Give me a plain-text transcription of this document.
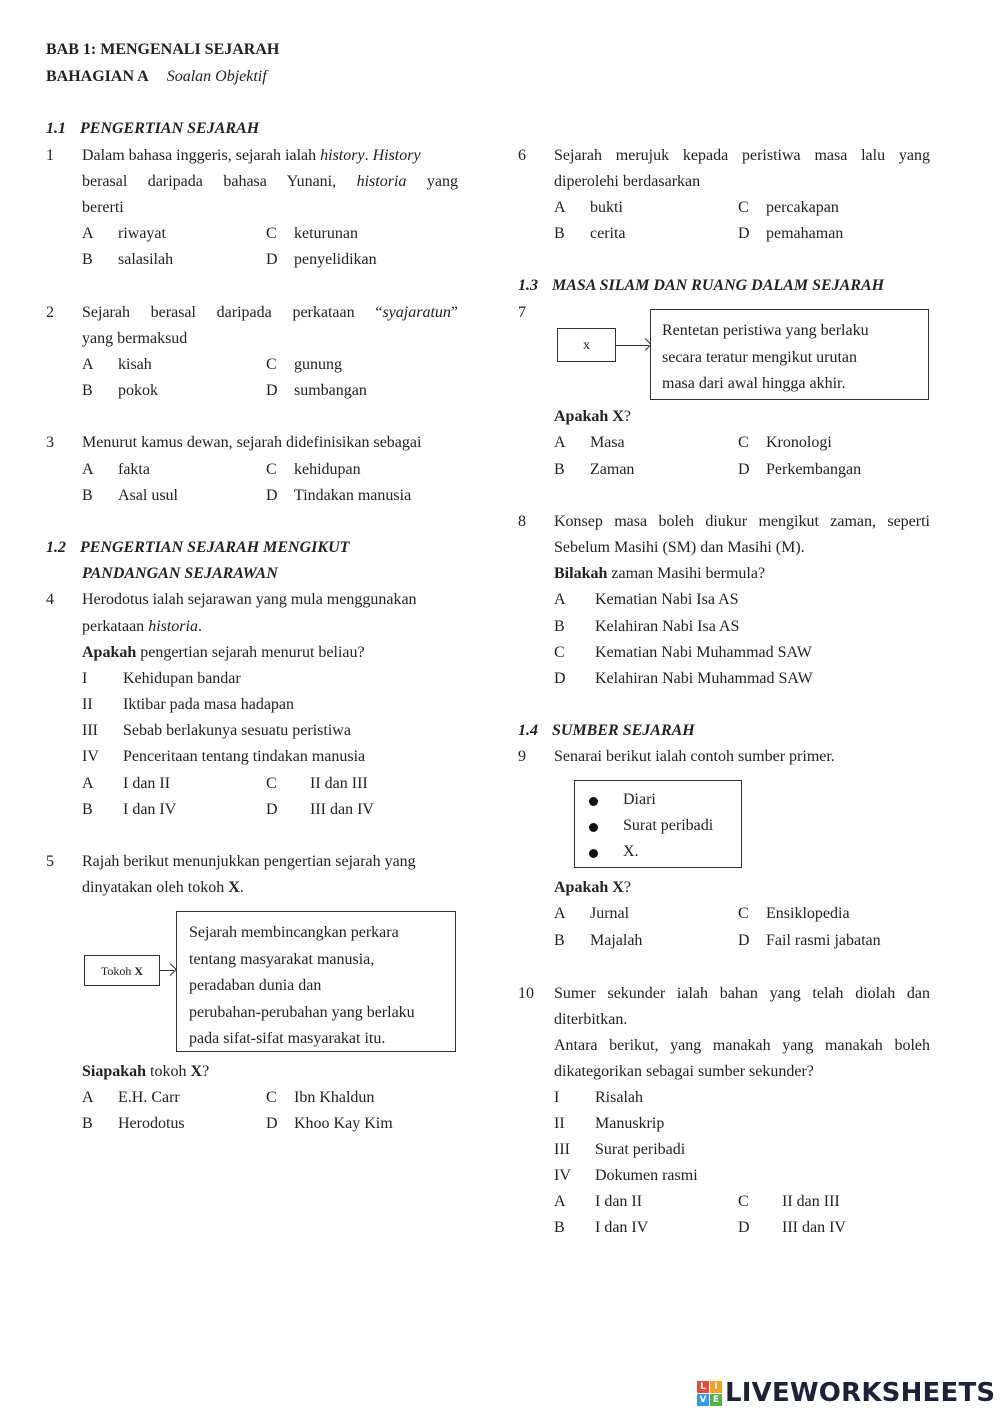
BAB 1: MENGENALI SEJARAH
BAHAGIAN A Soalan Objektif
1.1 PENGERTIAN SEJARAH
1 Dalam bahasa inggeris, sejarah ialah history. History
berasal daripada bahasa Yunani, historia yang
bererti
A riwayat	C keturunan
B salasilah	D penyelidikan
2 Sejarah berasal daripada perkataan “syajaratun”
yang bermaksud
A kisah	C gunung
B pokok	D sumbangan
3 Menurut kamus dewan, sejarah didefinisikan sebagai
A fakta	C kehidupan
B Asal usul	D Tindakan manusia
1.2 PENGERTIAN SEJARAH MENGIKUT
PANDANGAN SEJARAWAN
4 Herodotus ialah sejarawan yang mula menggunakan
perkataan historia.
Apakah pengertian sejarah menurut beliau?
I Kehidupan bandar
II Iktibar pada masa hadapan
III Sebab berlakunya sesuatu peristiwa
IV Penceritaan tentang tindakan manusia
A I dan II	C II dan III
B I dan IV	D III dan IV
5 Rajah berikut menunjukkan pengertian sejarah yang
dinyatakan oleh tokoh X.
Tokoh X
Sejarah membincangkan perkara
tentang masyarakat manusia,
peradaban dunia dan
perubahan-perubahan yang berlaku
pada sifat-sifat masyarakat itu.
Siapakah tokoh X?
A E.H. Carr	C Ibn Khaldun
B Herodotus	D Khoo Kay Kim
6 Sejarah merujuk kepada peristiwa masa lalu yang
diperolehi berdasarkan
A bukti	C percakapan
B cerita	D pemahaman
1.3 MASA SILAM DAN RUANG DALAM SEJARAH
7
x
Rentetan peristiwa yang berlaku
secara teratur mengikut urutan
masa dari awal hingga akhir.
Apakah X?
A Masa	C Kronologi
B Zaman	D Perkembangan
8 Konsep masa boleh diukur mengikut zaman, seperti
Sebelum Masihi (SM) dan Masihi (M).
Bilakah zaman Masihi bermula?
A Kematian Nabi Isa AS
B Kelahiran Nabi Isa AS
C Kematian Nabi Muhammad SAW
D Kelahiran Nabi Muhammad SAW
1.4 SUMBER SEJARAH
9 Senarai berikut ialah contoh sumber primer.
Diari
Surat peribadi
X.
Apakah X?
A Jurnal	C Ensiklopedia
B Majalah	D Fail rasmi jabatan
10 Sumer sekunder ialah bahan yang telah diolah dan
diterbitkan.
Antara berikut, yang manakah yang manakah boleh
dikategorikan sebagai sumber sekunder?
I Risalah
II Manuskrip
III Surat peribadi
IV Dokumen rasmi
A I dan II	C II dan III
B I dan IV	D III dan IV
L I
V E LIVEWORKSHEETS
